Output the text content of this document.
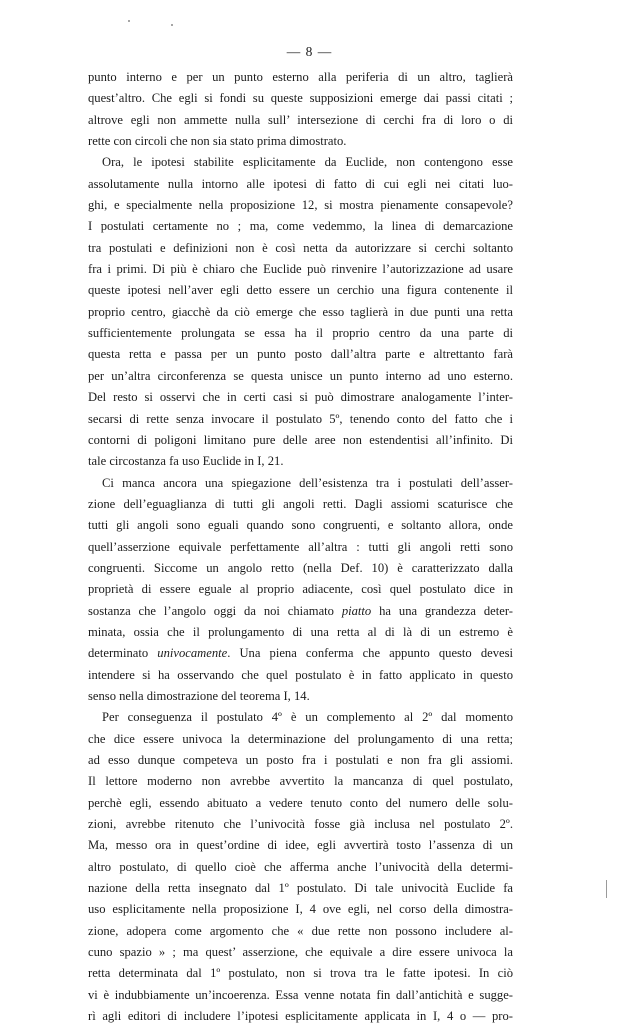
— 8 —
punto interno e per un punto esterno alla periferia di un altro, taglierà
quest’altro. Che egli si fondi su queste supposizioni emerge dai passi citati ;
altrove egli non ammette nulla sull’ intersezione di cerchi fra di loro o di
rette con circoli che non sia stato prima dimostrato.
Ora, le ipotesi stabilite esplicitamente da Euclide, non contengono esse
assolutamente nulla intorno alle ipotesi di fatto di cui egli nei citati luo-
ghi, e specialmente nella proposizione 12, si mostra pienamente consapevole?
I postulati certamente no ; ma, come vedemmo, la linea di demarcazione
tra postulati e definizioni non è così netta da autorizzare si cerchi soltanto
fra i primi. Di più è chiaro che Euclide può rinvenire l’autorizzazione ad usare
queste ipotesi nell’aver egli detto essere un cerchio una figura contenente il
proprio centro, giacchè da ciò emerge che esso taglierà in due punti una retta
sufficientemente prolungata se essa ha il proprio centro da una parte di
questa retta e passa per un punto posto dall’altra parte e altrettanto farà
per un’altra circonferenza se questa unisce un punto interno ad uno esterno.
Del resto si osservi che in certi casi si può dimostrare analogamente l’inter-
secarsi di rette senza invocare il postulato 5º, tenendo conto del fatto che i
contorni di poligoni limitano pure delle aree non estendentisi all’infinito. Di
tale circostanza fa uso Euclide in I, 21.
Ci manca ancora una spiegazione dell’esistenza tra i postulati dell’asser-
zione dell’eguaglianza di tutti gli angoli retti. Dagli assiomi scaturisce che
tutti gli angoli sono eguali quando sono congruenti, e soltanto allora, onde
quell’asserzione equivale perfettamente all’altra : tutti gli angoli retti sono
congruenti. Siccome un angolo retto (nella Def. 10) è caratterizzato dalla
proprietà di essere eguale al proprio adiacente, così quel postulato dice in
sostanza che l’angolo oggi da noi chiamato piatto ha una grandezza deter-
minata, ossia che il prolungamento di una retta al di là di un estremo è
determinato univocamente. Una piena conferma che appunto questo devesi
intendere si ha osservando che quel postulato è in fatto applicato in questo
senso nella dimostrazione del teorema I, 14.
Per conseguenza il postulato 4º è un complemento al 2º dal momento
che dice essere univoca la determinazione del prolungamento di una retta;
ad esso dunque competeva un posto fra i postulati e non fra gli assiomi.
Il lettore moderno non avrebbe avvertito la mancanza di quel postulato,
perchè egli, essendo abituato a vedere tenuto conto del numero delle solu-
zioni, avrebbe ritenuto che l’univocità fosse già inclusa nel postulato 2º.
Ma, messo ora in quest’ordine di idee, egli avvertirà tosto l’assenza di un
altro postulato, di quello cioè che afferma anche l’univocità della determi-
nazione della retta insegnato dal 1º postulato. Di tale univocità Euclide fa
uso esplicitamente nella proposizione I, 4 ove egli, nel corso della dimostra-
zione, adopera come argomento che « due rette non possono includere al-
cuno spazio » ; ma quest’ asserzione, che equivale a dire essere univoca la
retta determinata dal 1º postulato, non si trova tra le fatte ipotesi. In ciò
vi è indubbiamente un’incoerenza. Essa venne notata fin dall’antichità e sugge-
rì agli editori di includere l’ipotesi esplicitamente applicata in I, 4 o — pro-
